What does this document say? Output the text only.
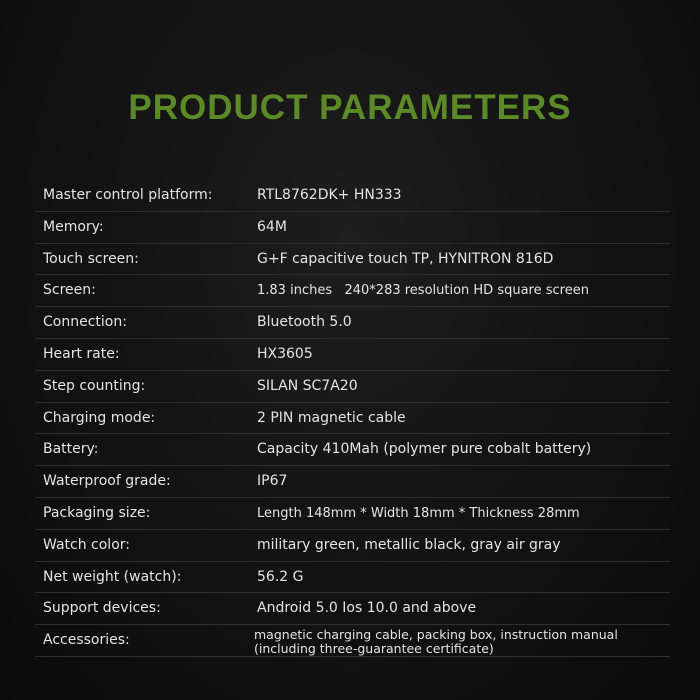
PRODUCT PARAMETERS
Master control platform:	RTL8762DK+ HN333
Memory:	64M
Touch screen:	G+F capacitive touch TP, HYNITRON 816D
Screen:	1.83 inches   240*283 resolution HD square screen
Connection:	Bluetooth 5.0
Heart rate:	HX3605
Step counting:	SILAN SC7A20
Charging mode:	2 PIN magnetic cable
Battery:	Capacity 410Mah (polymer pure cobalt battery)
Waterproof grade:	IP67
Packaging size:	Length 148mm * Width 18mm * Thickness 28mm
Watch color:	military green, metallic black, gray air gray
Net weight (watch):	56.2 G
Support devices:	Android 5.0 Ios 10.0 and above
Accessories:	magnetic charging cable, packing box, instruction manual
(including three-guarantee certificate)
